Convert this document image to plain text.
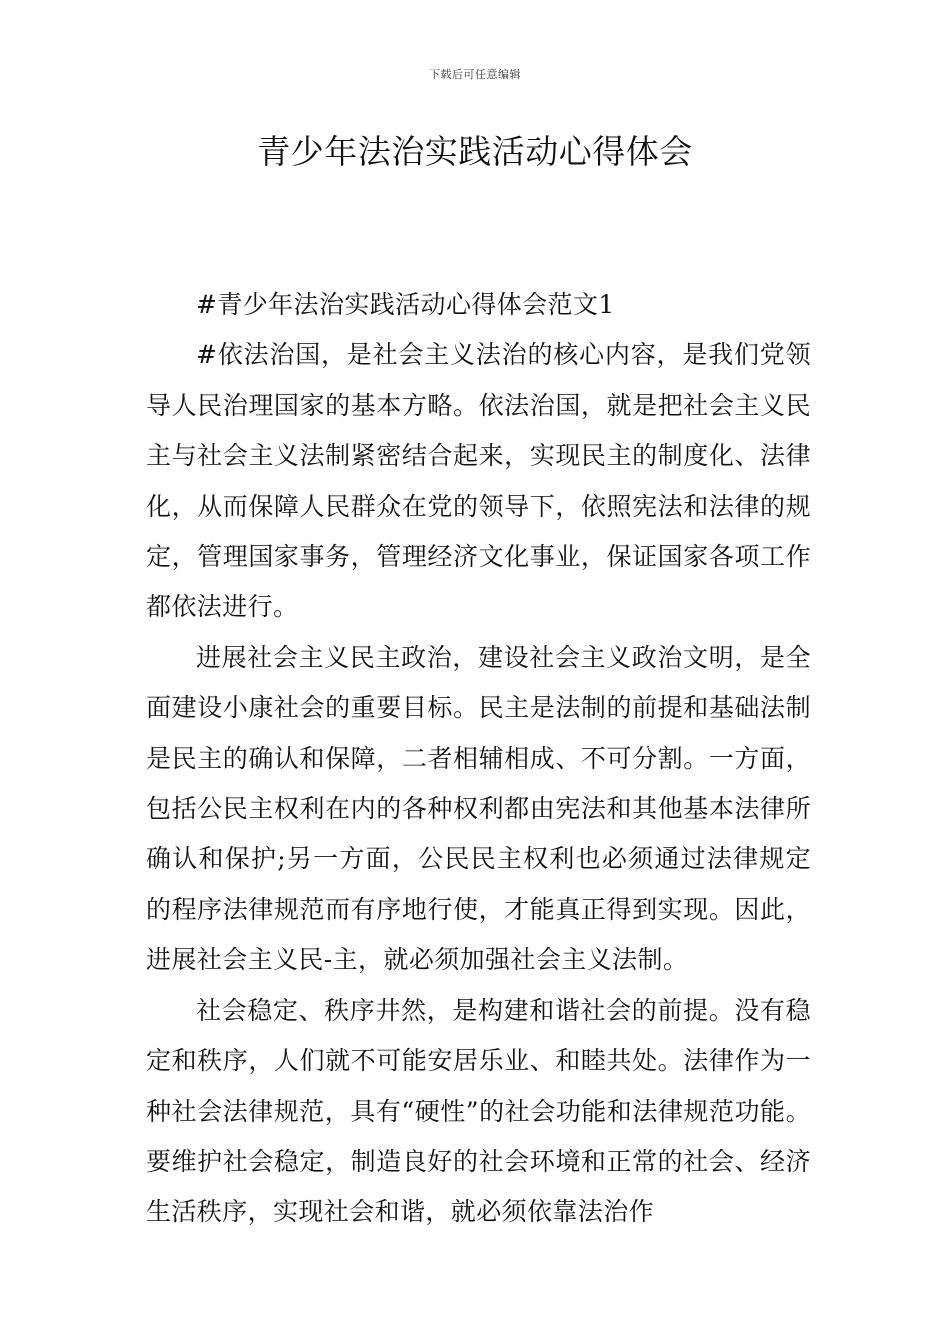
下载后可任意编辑
青少年法治实践活动心得体会

#青少年法治实践活动心得体会范文1

#依法治国，是社会主义法治的核心内容，是我们党领导人民治理国家的基本方略。依法治国，就是把社会主义民主与社会主义法制紧密结合起来，实现民主的制度化、法律化，从而保障人民群众在党的领导下，依照宪法和法律的规定，管理国家事务，管理经济文化事业，保证国家各项工作都依法进行。

进展社会主义民主政治，建设社会主义政治文明，是全面建设小康社会的重要目标。民主是法制的前提和基础法制是民主的确认和保障，二者相辅相成、不可分割。一方面，包括公民主权利在内的各种权利都由宪法和其他基本法律所确认和保护;另一方面，公民民主权利也必须通过法律规定的程序法律规范而有序地行使，才能真正得到实现。因此，进展社会主义民-主，就必须加强社会主义法制。

社会稳定、秩序井然，是构建和谐社会的前提。没有稳定和秩序，人们就不可能安居乐业、和睦共处。法律作为一种社会法律规范，具有“硬性”的社会功能和法律规范功能。要维护社会稳定，制造良好的社会环境和正常的社会、经济生活秩序，实现社会和谐，就必须依靠法治作
